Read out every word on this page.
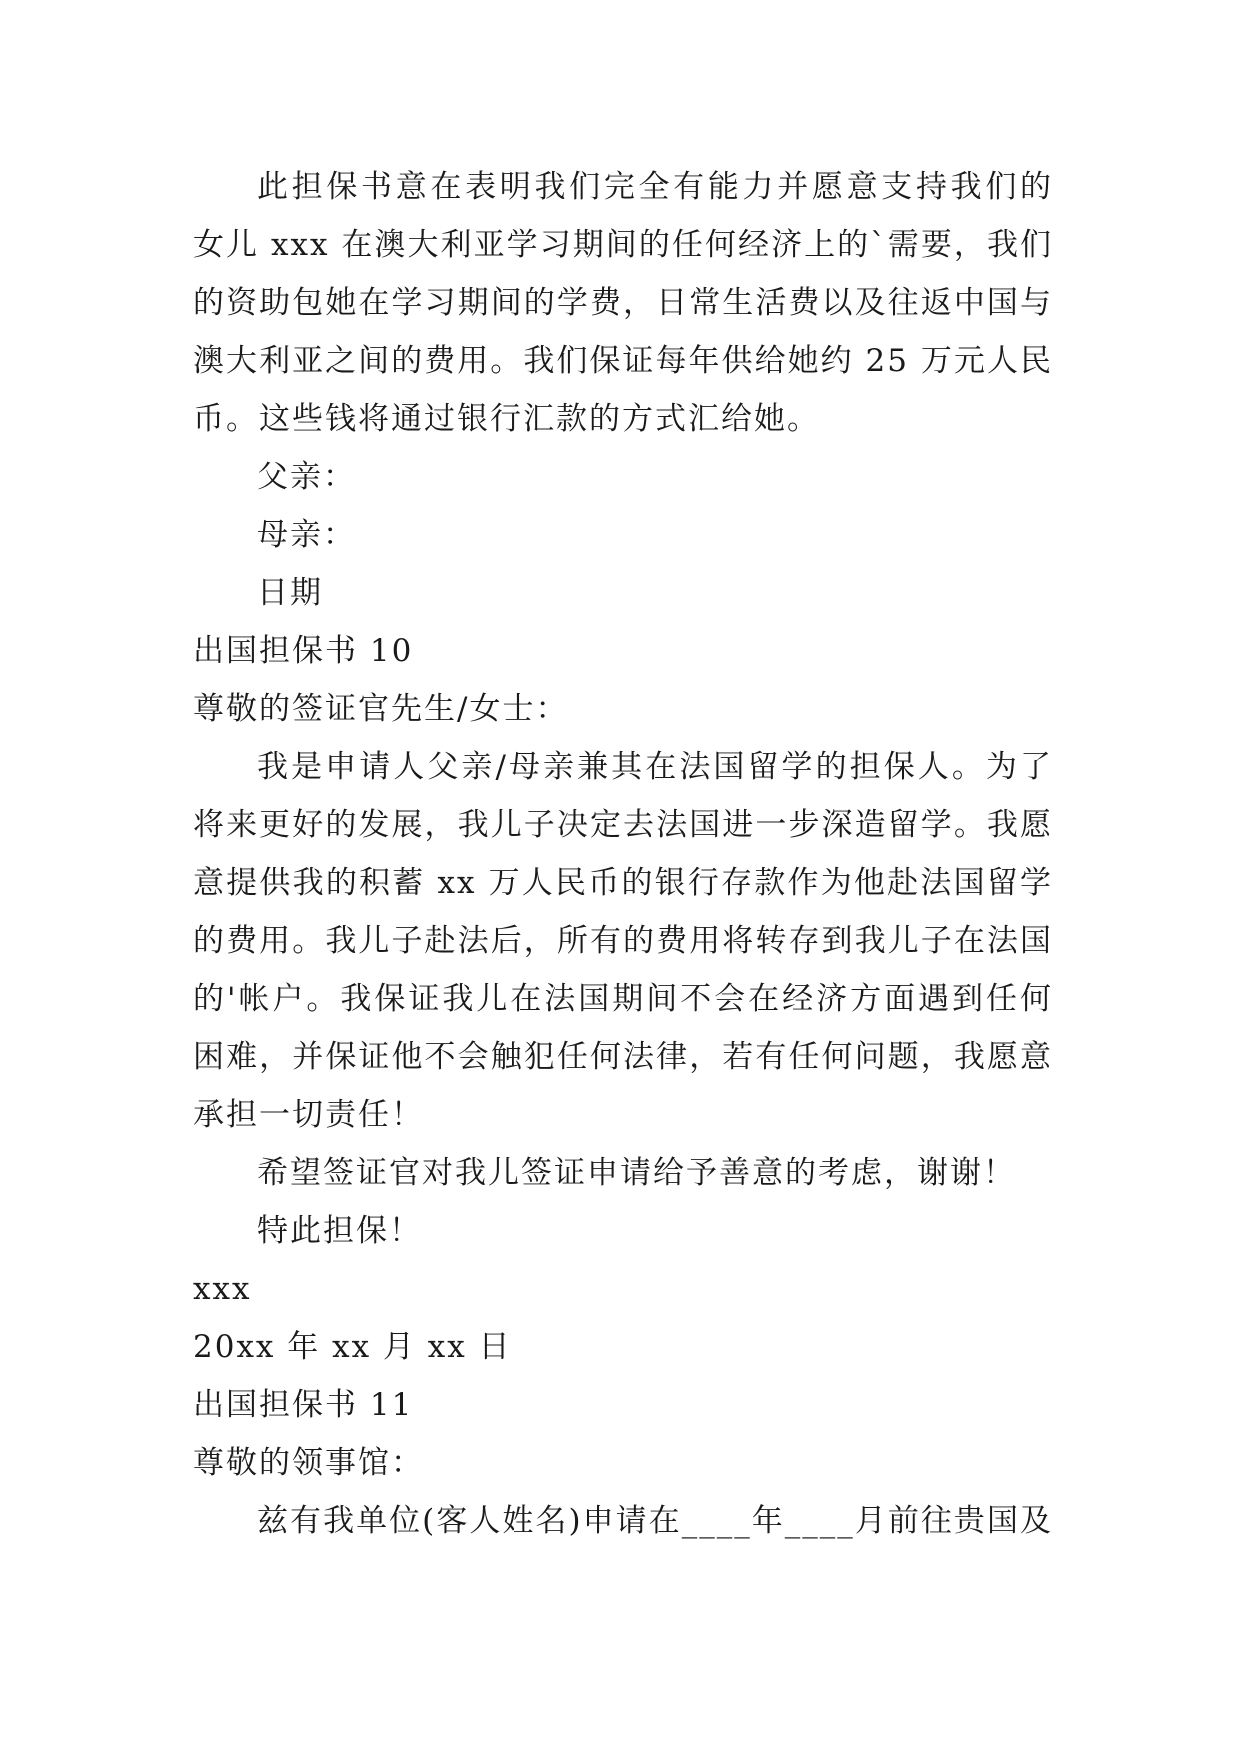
此担保书意在表明我们完全有能力并愿意支持我们的
女儿 xxx 在澳大利亚学习期间的任何经济上的`需要，我们
的资助包她在学习期间的学费，日常生活费以及往返中国与
澳大利亚之间的费用。我们保证每年供给她约 25 万元人民
币。这些钱将通过银行汇款的方式汇给她。
父亲：
母亲：
日期
出国担保书 10
尊敬的签证官先生/女士：
我是申请人父亲/母亲兼其在法国留学的担保人。为了
将来更好的发展，我儿子决定去法国进一步深造留学。我愿
意提供我的积蓄 xx 万人民币的银行存款作为他赴法国留学
的费用。我儿子赴法后，所有的费用将转存到我儿子在法国
的'帐户。我保证我儿在法国期间不会在经济方面遇到任何
困难，并保证他不会触犯任何法律，若有任何问题，我愿意
承担一切责任！
希望签证官对我儿签证申请给予善意的考虑，谢谢！
特此担保！
xxx
20xx 年 xx 月 xx 日
出国担保书 11
尊敬的领事馆：
兹有我单位(客人姓名)申请在____年____月前往贵国及
